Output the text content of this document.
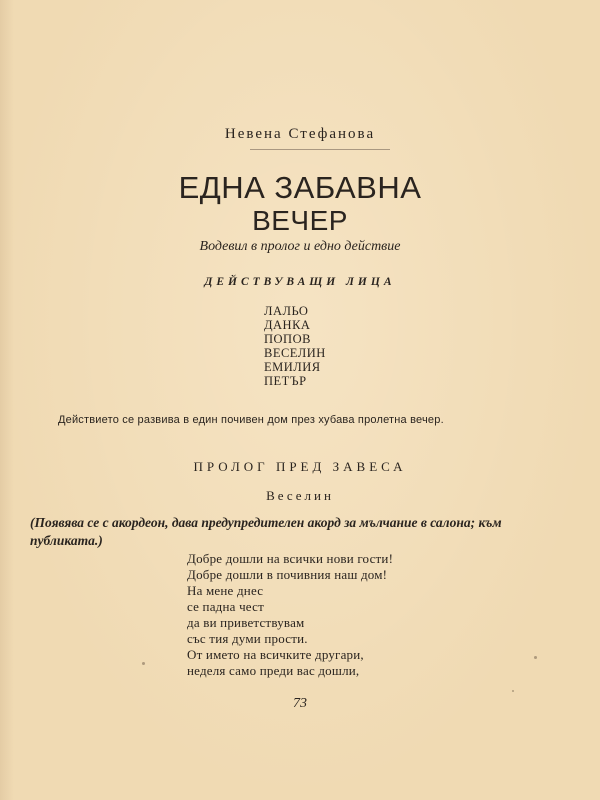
Невена Стефанова
ЕДНА ЗАБАВНА
ВЕЧЕР
Водевил в пролог и едно действие
ДЕЙСТВУВАЩИ ЛИЦА
ЛАЛЬО
ДАНКА
ПОПОВ
ВЕСЕЛИН
ЕМИЛИЯ
ПЕТЪР
Действието се развива в един почивен дом през хубава пролетна вечер.
ПРОЛОГ ПРЕД ЗАВЕСА
Веселин
(Появява се с акордеон, дава предупредителен акорд за мълчание в салона; към публиката.)
Добре дошли на всички нови гости!
Добре дошли в почивния наш дом!
На мене днес
се падна чест
да ви приветствувам
със тия думи прости.
От името на всичките другари,
неделя само преди вас дошли,
73
